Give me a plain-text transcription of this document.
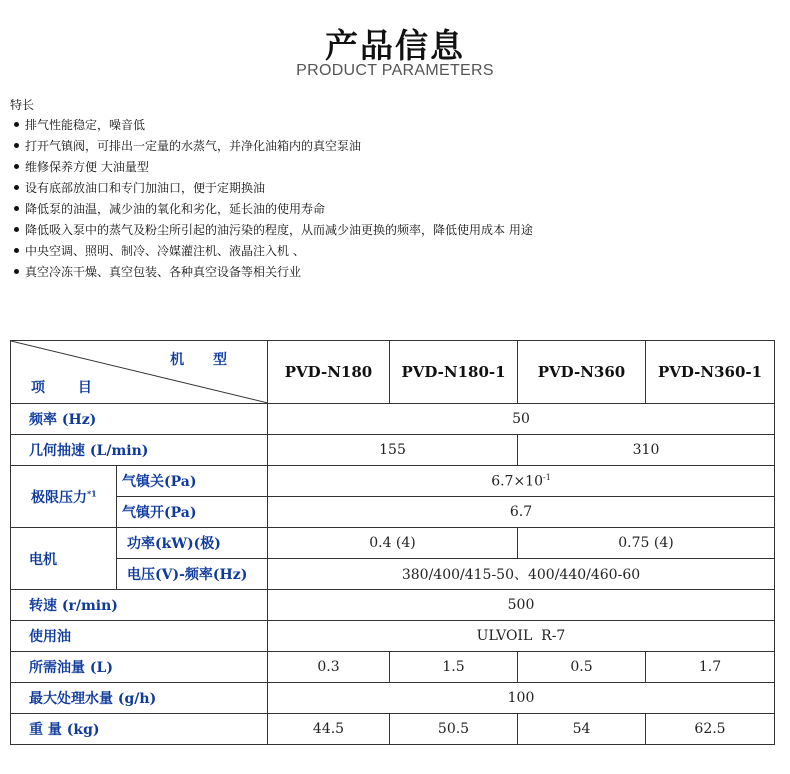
产品信息
PRODUCT PARAMETERS
特长
排气性能稳定，噪音低
打开气镇阀，可排出一定量的水蒸气，并净化油箱内的真空泵油
维修保养方便 大油量型
设有底部放油口和专门加油口，便于定期换油
降低泵的油温，减少油的氧化和劣化，延长油的使用寿命
降低吸入泵中的蒸气及粉尘所引起的油污染的程度，从而减少油更换的频率，降低使用成本 用途
中央空调、照明、制冷、冷媒灌注机、液晶注入机 、
真空冷冻干燥、真空包装、各种真空设备等相关行业
机 型
项 目		PVD-N180	PVD-N180-1	PVD-N360	PVD-N360-1
频率 (Hz)		50			
几何抽速 (L/min)		155		310	
极限压力$^{*1}$	气镇关(Pa)	$6.7\times 10^{-1}$
	气镇开(Pa)	6.7			
电机	功率(kW)(极)	0.4 (4)		0.75 (4)	
	电压(V)-频率(Hz)	380/400/415-50、400/440/460-60			
转速 (r/min)		500			
使用油		ULVOIL  R-7			
所需油量 (L)		0.3	1.5	0.5	1.7
最大处理水量 (g/h)		100			
重 量 (kg)		44.5	50.5	54	62.5
